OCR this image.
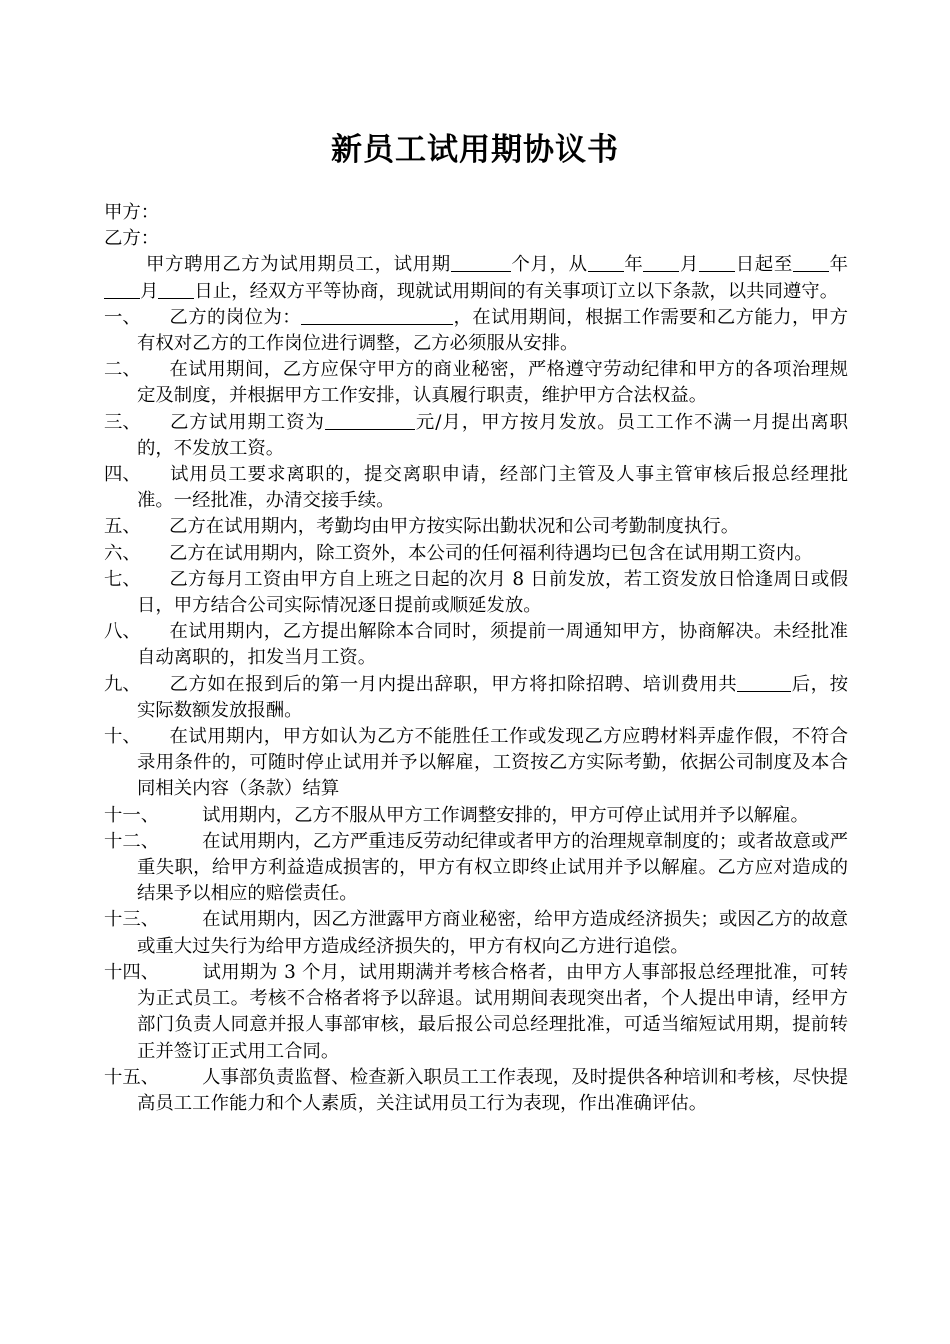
新员工试用期协议书
甲方：
乙方：
甲方聘用乙方为试用期员工，试用期	个月，从 年 月 日起至 年月 日止，经双方平等协商，现就试用期间的有关事项订立以下条款，以共同遵守。
一、 乙方的岗位为：	，在试用期间，根据工作需要和乙方能力，甲方有权对乙方的工作岗位进行调整，乙方必须服从安排。
二、 在试用期间，乙方应保守甲方的商业秘密，严格遵守劳动纪律和甲方的各项治理规定及制度，并根据甲方工作安排，认真履行职责，维护甲方合法权益。
三、 乙方试用期工资为	元/月，甲方按月发放。员工工作不满一月提出离职的，不发放工资。
四、 试用员工要求离职的，提交离职申请，经部门主管及人事主管审核后报总经理批准。一经批准，办清交接手续。
五、 乙方在试用期内，考勤均由甲方按实际出勤状况和公司考勤制度执行。
六、 乙方在试用期内，除工资外，本公司的任何福利待遇均已包含在试用期工资内。
七、 乙方每月工资由甲方自上班之日起的次月 8 日前发放，若工资发放日恰逢周日或假日，甲方结合公司实际情况逐日提前或顺延发放。
八、 在试用期内，乙方提出解除本合同时，须提前一周通知甲方，协商解决。未经批准自动离职的，扣发当月工资。
九、 乙方如在报到后的第一月内提出辞职，甲方将扣除招聘、培训费用共	后，按实际数额发放报酬。
十、 在试用期内，甲方如认为乙方不能胜任工作或发现乙方应聘材料弄虚作假，不符合录用条件的，可随时停止试用并予以解雇，工资按乙方实际考勤，依据公司制度及本合同相关内容（条款）结算
十一、 试用期内，乙方不服从甲方工作调整安排的，甲方可停止试用并予以解雇。
十二、 在试用期内，乙方严重违反劳动纪律或者甲方的治理规章制度的；或者故意或严重失职，给甲方利益造成损害的，甲方有权立即终止试用并予以解雇。乙方应对造成的结果予以相应的赔偿责任。
十三、 在试用期内，因乙方泄露甲方商业秘密，给甲方造成经济损失；或因乙方的故意或重大过失行为给甲方造成经济损失的，甲方有权向乙方进行追偿。
十四、 试用期为 3 个月，试用期满并考核合格者，由甲方人事部报总经理批准，可转为正式员工。考核不合格者将予以辞退。试用期间表现突出者，个人提出申请，经甲方部门负责人同意并报人事部审核，最后报公司总经理批准，可适当缩短试用期，提前转正并签订正式用工合同。
十五、 人事部负责监督、检查新入职员工工作表现，及时提供各种培训和考核，尽快提高员工工作能力和个人素质，关注试用员工行为表现，作出准确评估。
